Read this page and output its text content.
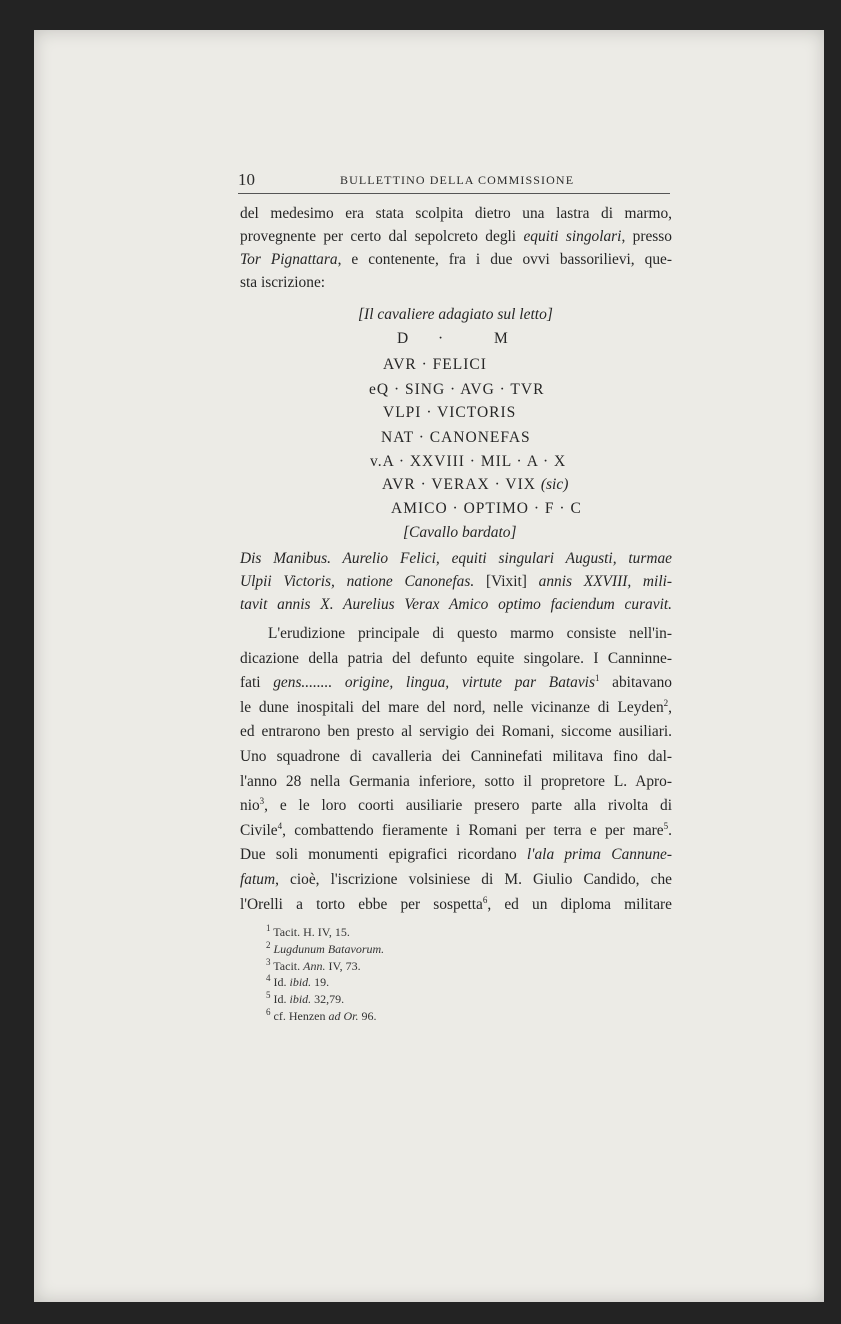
10	BULLETTINO DELLA COMMISSIONE
del medesimo era stata scolpita dietro una lastra di marmo,
provegnente per certo dal sepolcreto degli equiti singolari, presso
Tor Pignattara, e contenente, fra i due ovvi bassorilievi, que-
sta iscrizione:
[Il cavaliere adagiato sul letto]
D ·	M
AVR · FELICI
eQ · SING · AVG · TVR
VLPI · VICTORIS
NAT · CANONEFAS
v.A · XXVIII · MIL · A · X
AVR · VERAX · VIX (sic)
AMICO · OPTIMO · F · C
[Cavallo bardato]
Dis Manibus. Aurelio Felici, equiti singulari Augusti, turmae
Ulpii Victoris, natione Canonefas. [Vixit] annis XXVIII, mili-
tavit annis X. Aurelius Verax Amico optimo faciendum curavit.
L'erudizione principale di questo marmo consiste nell'in-
dicazione della patria del defunto equite singolare. I Canninne-
fati gens........ origine, lingua, virtute par Batavis$^1$ abitavano
le dune inospitali del mare del nord, nelle vicinanze di Leyden$^2$,
ed entrarono ben presto al servigio dei Romani, siccome ausiliari.
Uno squadrone di cavalleria dei Canninefati militava fino dal-
l'anno 28 nella Germania inferiore, sotto il propretore L. Apro-
nio$^3$, e le loro coorti ausiliarie presero parte alla rivolta di
Civile$^4$, combattendo fieramente i Romani per terra e per mare$^5$.
Due soli monumenti epigrafici ricordano l'ala prima Cannune-
fatum, cioè, l'iscrizione volsiniese di M. Giulio Candido, che
l'Orelli a torto ebbe per sospetta$^6$, ed un diploma militare
$^1$ Tacit. H. IV, 15.
$^2$ Lugdunum Batavorum.
$^3$ Tacit. Ann. IV, 73.
$^4$ Id. ibid. 19.
$^5$ Id. ibid. 32,79.
$^6$ cf. Henzen ad Or. 96.
